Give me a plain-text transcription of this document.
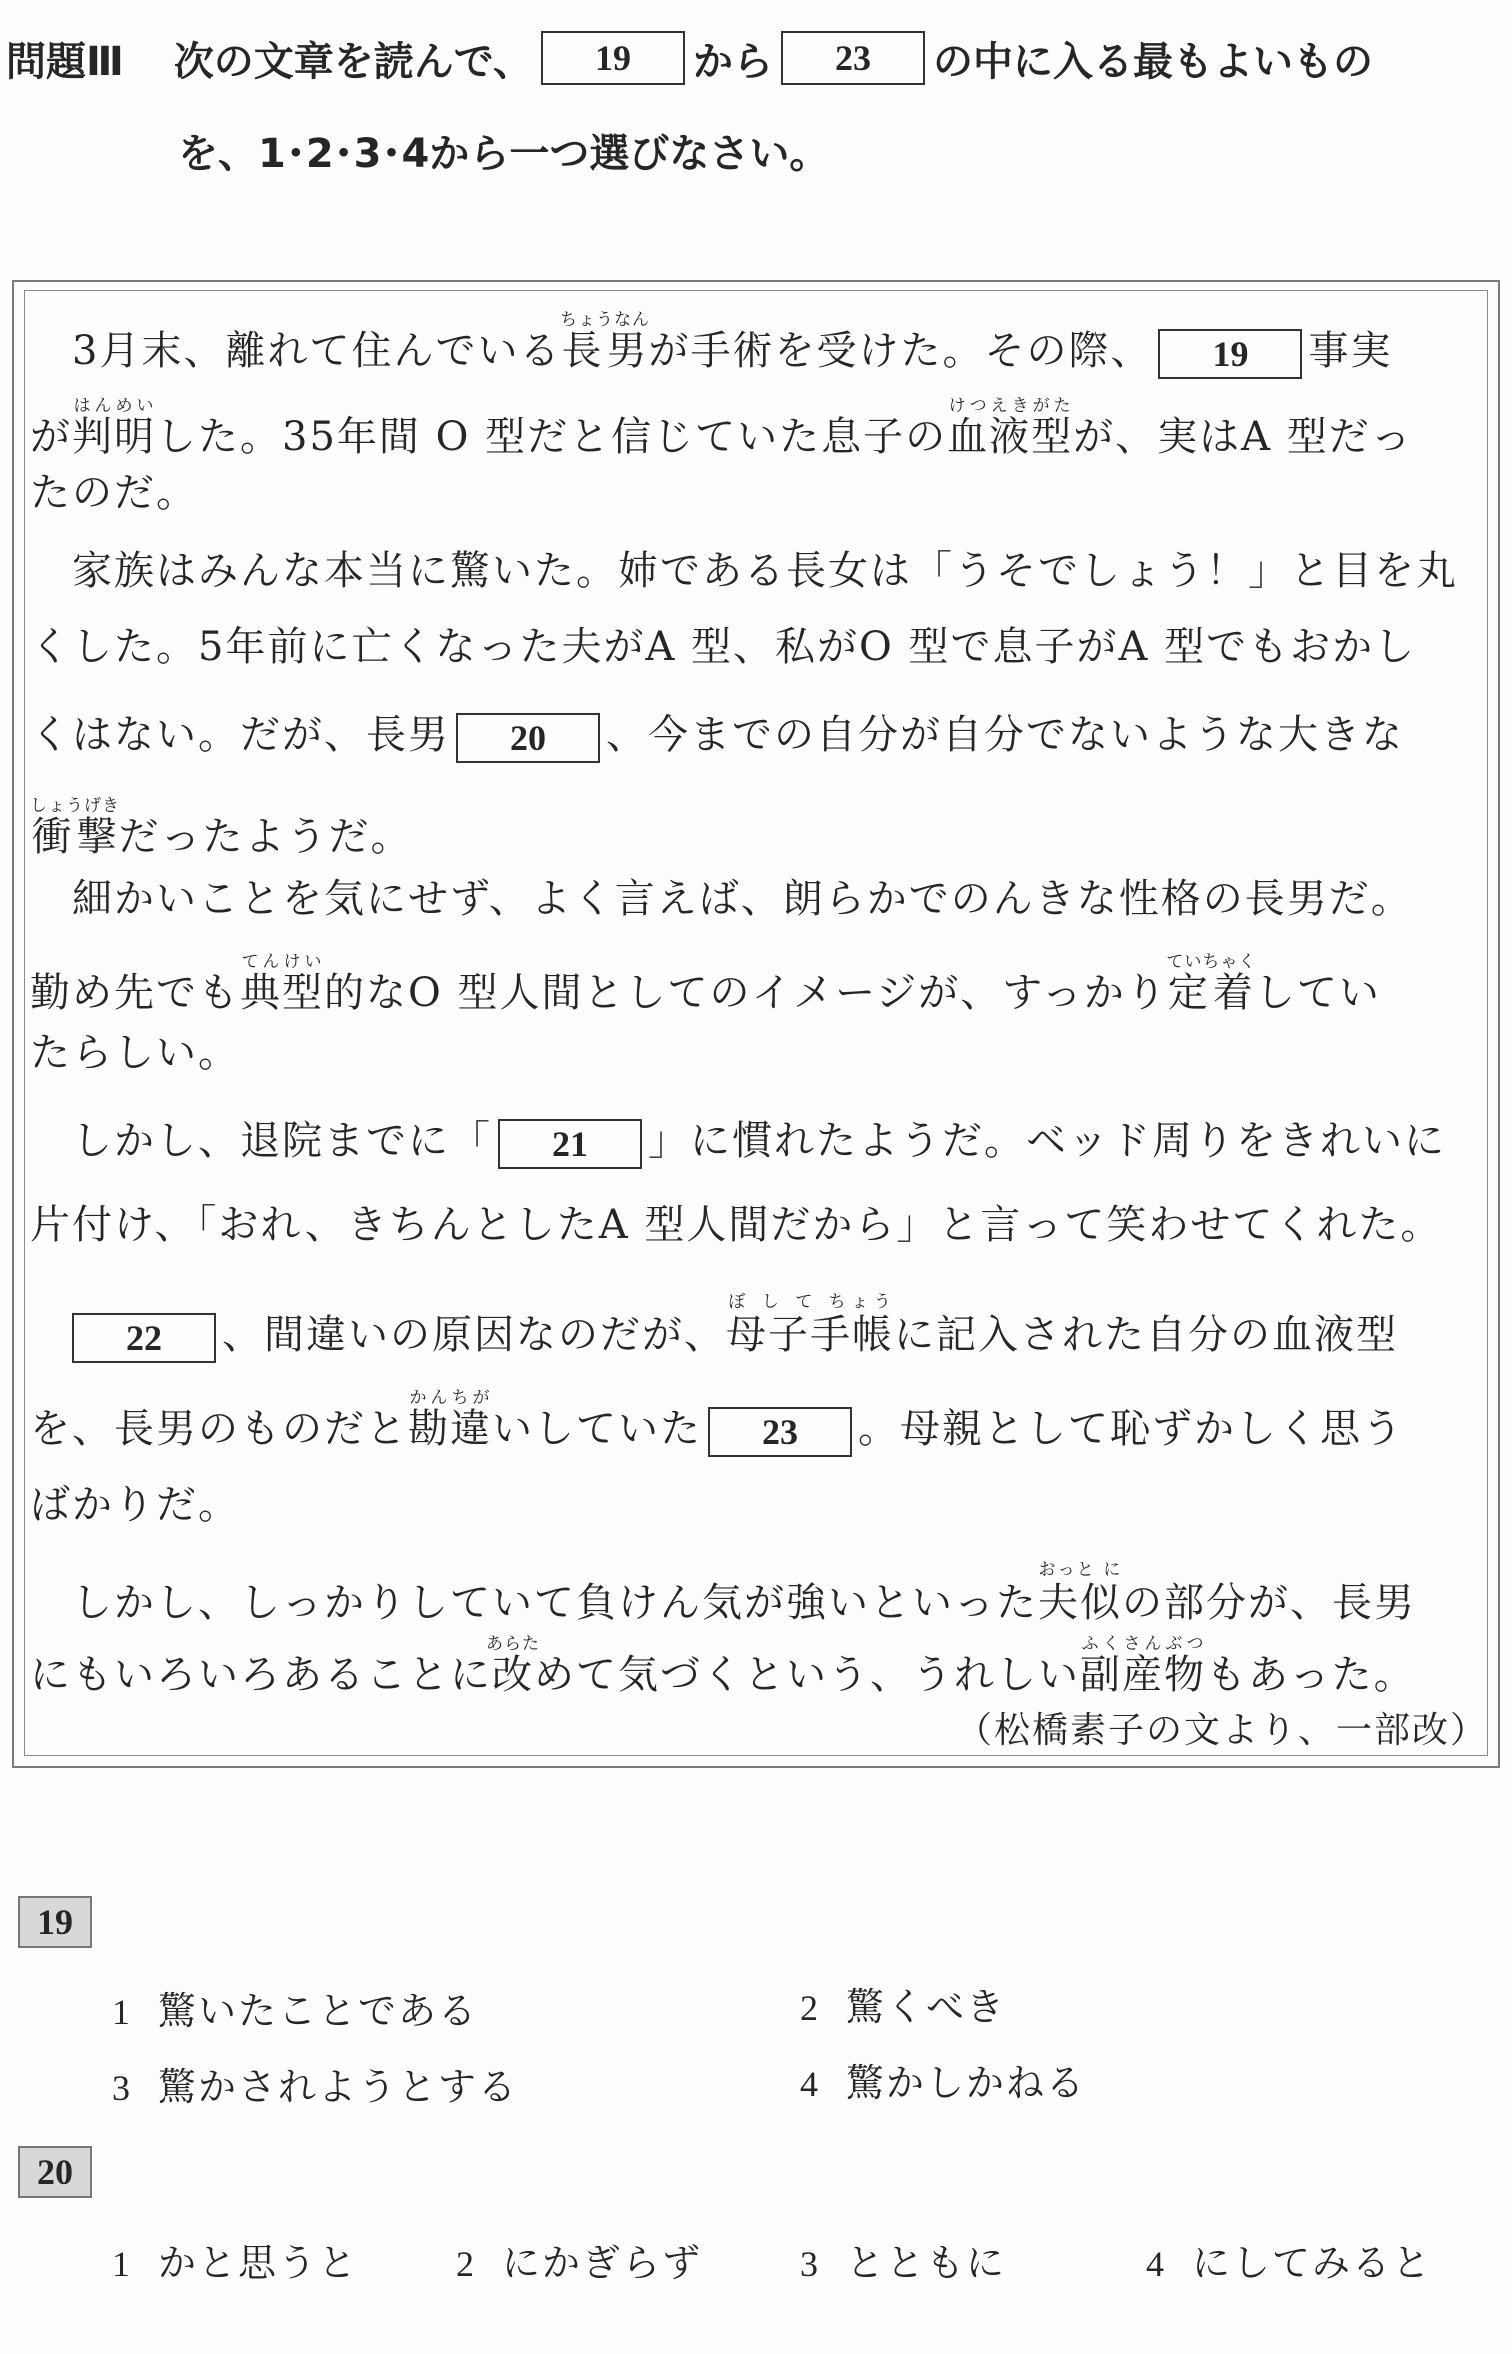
問題Ⅲ 次の文章を読んで、	19	から	23	の中に入る最もよいもの
を、1･2･3･4から一つ選びなさい。
3月末、離れて住んでいる長男ちょうなんが手術を受けた。その際、 19 事実
が判明はんめいした。35年間 O 型だと信じていた息子の血液型けつえきがたが、実はA 型だっ
たのだ。
家族はみんな本当に驚いた。姉である長女は「うそでしょう！」と目を丸
くした。5年前に亡くなった夫がA 型、私がO 型で息子がA 型でもおかし
くはない。だが、長男 20 、今までの自分が自分でないような大きな
衝撃しょうげきだったようだ。
細かいことを気にせず、よく言えば、朗らかでのんきな性格の長男だ。
勤め先でも典型てんけい的なO 型人間としてのイメージが、すっかり定着ていちゃくしてい
たらしい。
しかし、退院までに「 21 」に慣れたようだ。ベッド周りをきれいに
片付け、「おれ、きちんとしたA 型人間だから」と言って笑わせてくれた。
22 、間違いの原因なのだが、母子手帳ぼ し て ちょうに記入された自分の血液型
を、長男のものだと勘違かんちがいしていた 23 。母親として恥ずかしく思う
ばかりだ。
しかし、しっかりしていて負けん気が強いといった夫似おっと にの部分が、長男
にもいろいろあることに改あらためて気づくという、うれしい副産物ふくさんぶつもあった。
（松橋素子の文より、一部改）
19
1 驚いたことである	2 驚くべき
3 驚かされようとする	4 驚かしかねる
20
1 かと思うと	2 にかぎらず	3 とともに	4 にしてみると
